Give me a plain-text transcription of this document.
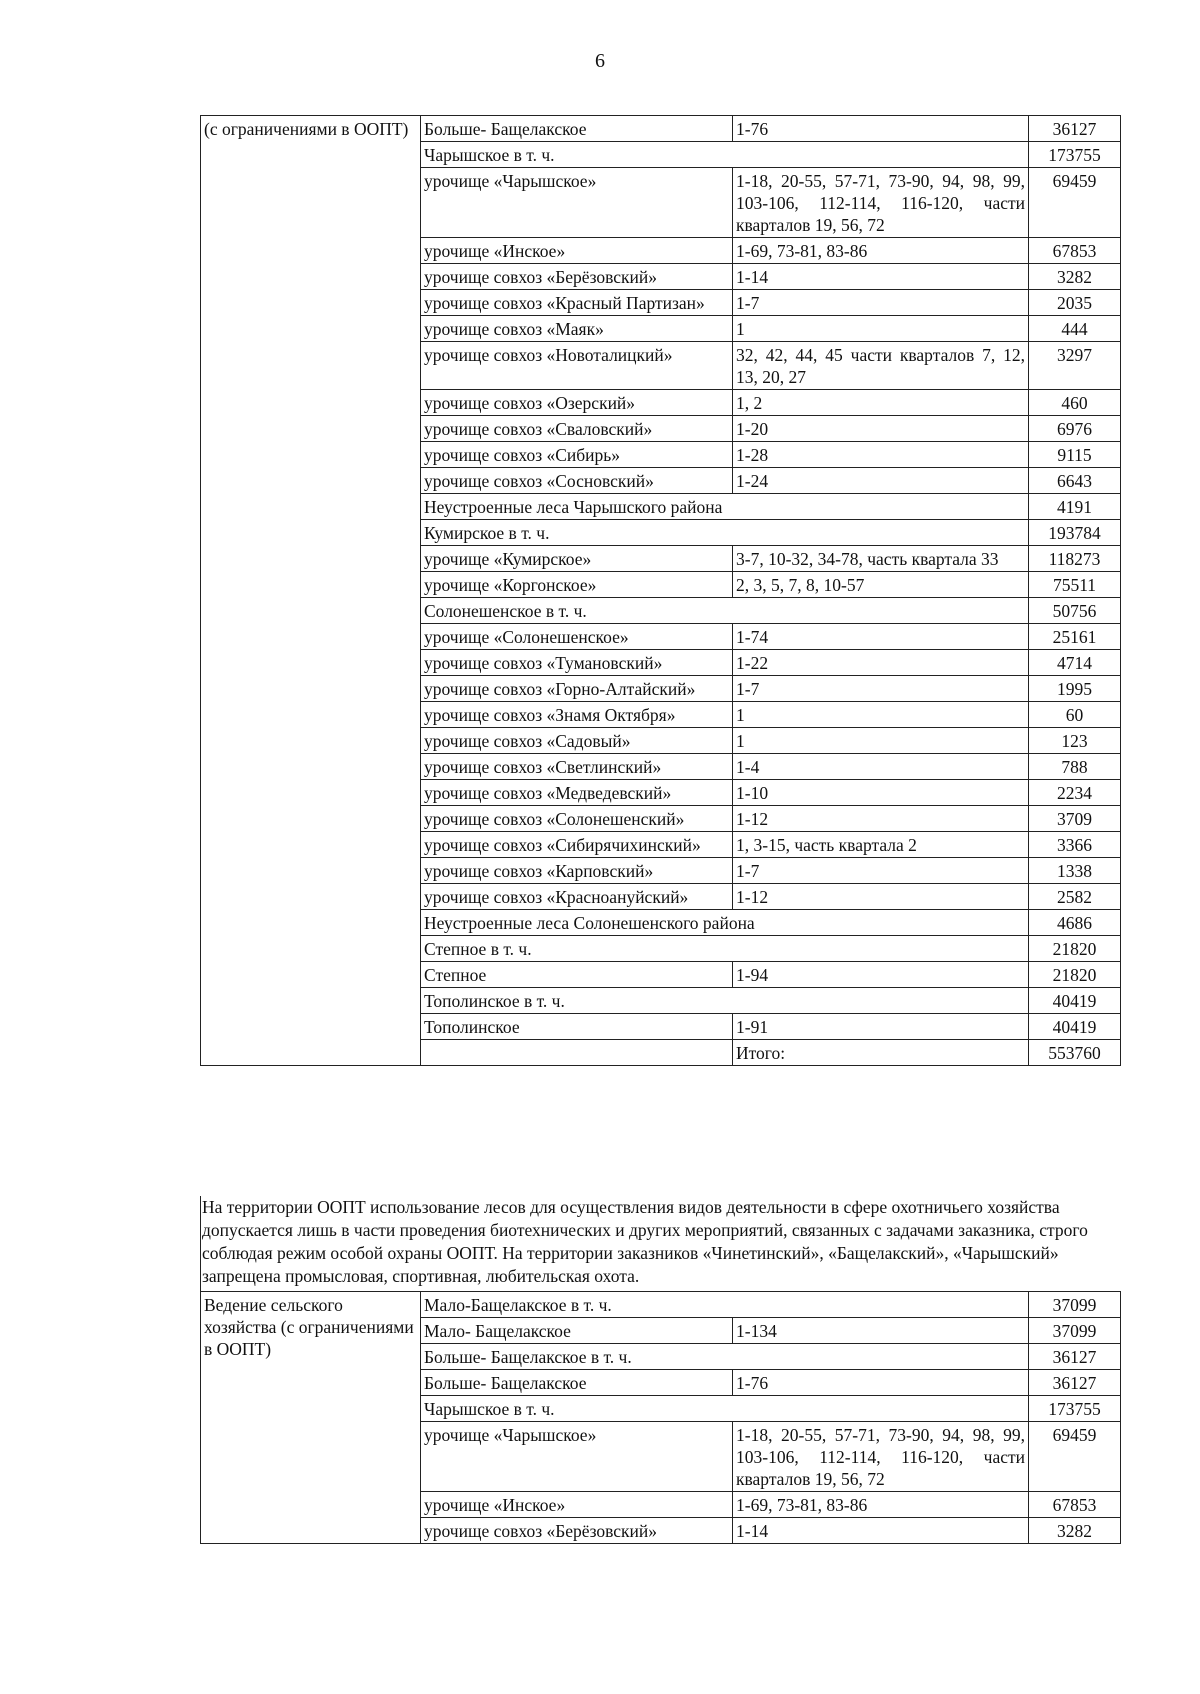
6
(с ограничениями в ООПТ)	Больше- Бащелакское	1-76	36127
	Чарышское в т. ч.		173755
	урочище «Чарышское»	1-18, 20-55, 57-71, 73-90, 94, 98, 99, 103-106, 112-114, 116-120, части кварталов 19, 56, 72	69459
	урочище «Инское»	1-69, 73-81, 83-86	67853
	урочище совхоз «Берёзовский»	1-14	3282
	урочище совхоз «Красный Партизан»	1-7	2035
	урочище совхоз «Маяк»	1	444
	урочище совхоз «Новоталицкий»	32, 42, 44, 45 части кварталов 7, 12, 13, 20, 27	3297
	урочище совхоз «Озерский»	1, 2	460
	урочище совхоз «Сваловский»	1-20	6976
	урочище совхоз «Сибирь»	1-28	9115
	урочище совхоз «Сосновский»	1-24	6643
	Неустроенные леса Чарышского района		4191
	Кумирское в т. ч.		193784
	урочище «Кумирское»	3-7, 10-32, 34-78, часть квартала 33	118273
	урочище «Коргонское»	2, 3, 5, 7, 8, 10-57	75511
	Солонешенское в т. ч.		50756
	урочище «Солонешенское»	1-74	25161
	урочище совхоз «Тумановский»	1-22	4714
	урочище совхоз «Горно-Алтайский»	1-7	1995
	урочище совхоз «Знамя Октября»	1	60
	урочище совхоз «Садовый»	1	123
	урочище совхоз «Светлинский»	1-4	788
	урочище совхоз «Медведевский»	1-10	2234
	урочище совхоз «Солонешенский»	1-12	3709
	урочище совхоз «Сибирячихинский»	1, 3-15, часть квартала 2	3366
	урочище совхоз «Карповский»	1-7	1338
	урочище совхоз «Красноануйский»	1-12	2582
	Неустроенные леса Солонешенского района		4686
	Степное в т. ч.		21820
	Степное	1-94	21820
	Тополинское в т. ч.		40419
	Тополинское	1-91	40419
		Итого:	553760
На территории ООПТ использование лесов для осуществления видов деятельности в сфере охотничьего хозяйства допускается лишь в части проведения биотехнических и других мероприятий, связанных с задачами заказника, строго соблюдая режим особой охраны ООПТ. На территории заказников «Чинетинский», «Бащелакский», «Чарышский» запрещена промысловая, спортивная, любительская охота.
Ведение сельского хозяйства (с ограничениями в ООПТ)	Мало-Бащелакское в т. ч.		37099
	Мало- Бащелакское	1-134	37099
	Больше- Бащелакское в т. ч.		36127
	Больше- Бащелакское	1-76	36127
	Чарышское в т. ч.		173755
	урочище «Чарышское»	1-18, 20-55, 57-71, 73-90, 94, 98, 99, 103-106, 112-114, 116-120, части кварталов 19, 56, 72	69459
	урочище «Инское»	1-69, 73-81, 83-86	67853
	урочище совхоз «Берёзовский»	1-14	3282
